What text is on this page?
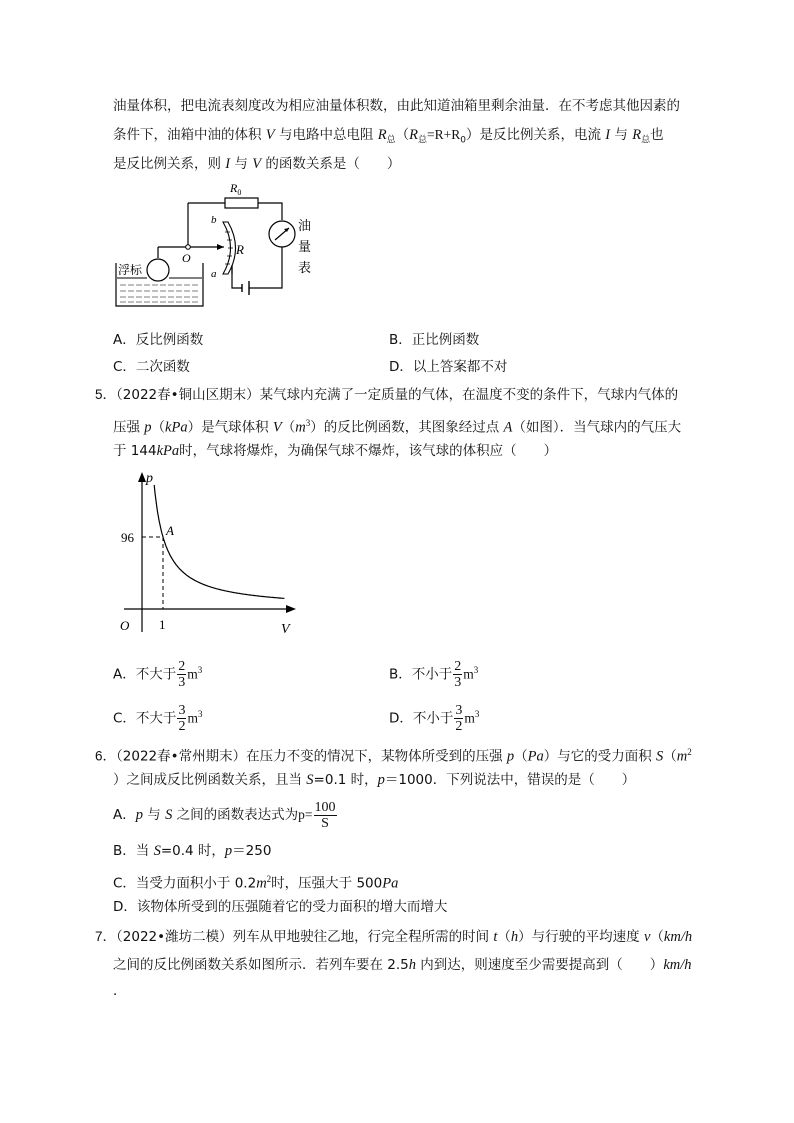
油量体积，把电流表刻度改为相应油量体积数，由此知道油箱里剩余油量．在不考虑其他因素的
条件下，油箱中油的体积 V 与电路中总电阻 $R_总(R_总=R+R_0)$是反比例关系，电流 I 与 $R_总$也
是反比例关系，则 I 与 V 的函数关系是（　　）
$R_0$
油
量
表
b
a
R
O
浮标
A．反比例函数	B．正比例函数
C．二次函数	D．以上答案都不对
5．（2022春•铜山区期末）某气球内充满了一定质量的气体，在温度不变的条件下，气球内气体的
压强 p（kPa）是气球体积 $V(m^3)$的反比例函数，其图象经过点 A（如图）．当气球内的气压大
于 144kPa时，气球将爆炸，为确保气球不爆炸，该气球的体积应（　　）
p
V
O
96
1
A
A．不大于 $\frac{2}{3} m^3$	B．不小于 $\frac{2}{3} m^3$
C．不大于 $\frac{3}{2} m^3$	D．不小于 $\frac{3}{2} m^3$
6．（2022春•常州期末）在压力不变的情况下，某物体所受到的压强 p（Pa）与它的受力面积 $S(m^2$
）之间成反比例函数关系，且当 S=0.1 时，p＝1000．下列说法中，错误的是（　　）
A．p 与 S 之间的函数表达式为$p= \frac{100}{S}$
B．当 S=0.4 时，p＝250
C．当受力面积小于 $0.2m^2$时，压强大于 500Pa
D．该物体所受到的压强随着它的受力面积的增大而增大
7．（2022•潍坊二模）列车从甲地驶往乙地，行完全程所需的时间 t（h）与行驶的平均速度 v（km/h
之间的反比例函数关系如图所示．若列车要在 2.5h 内到达，则速度至少需要提高到（　　）km/h
．
